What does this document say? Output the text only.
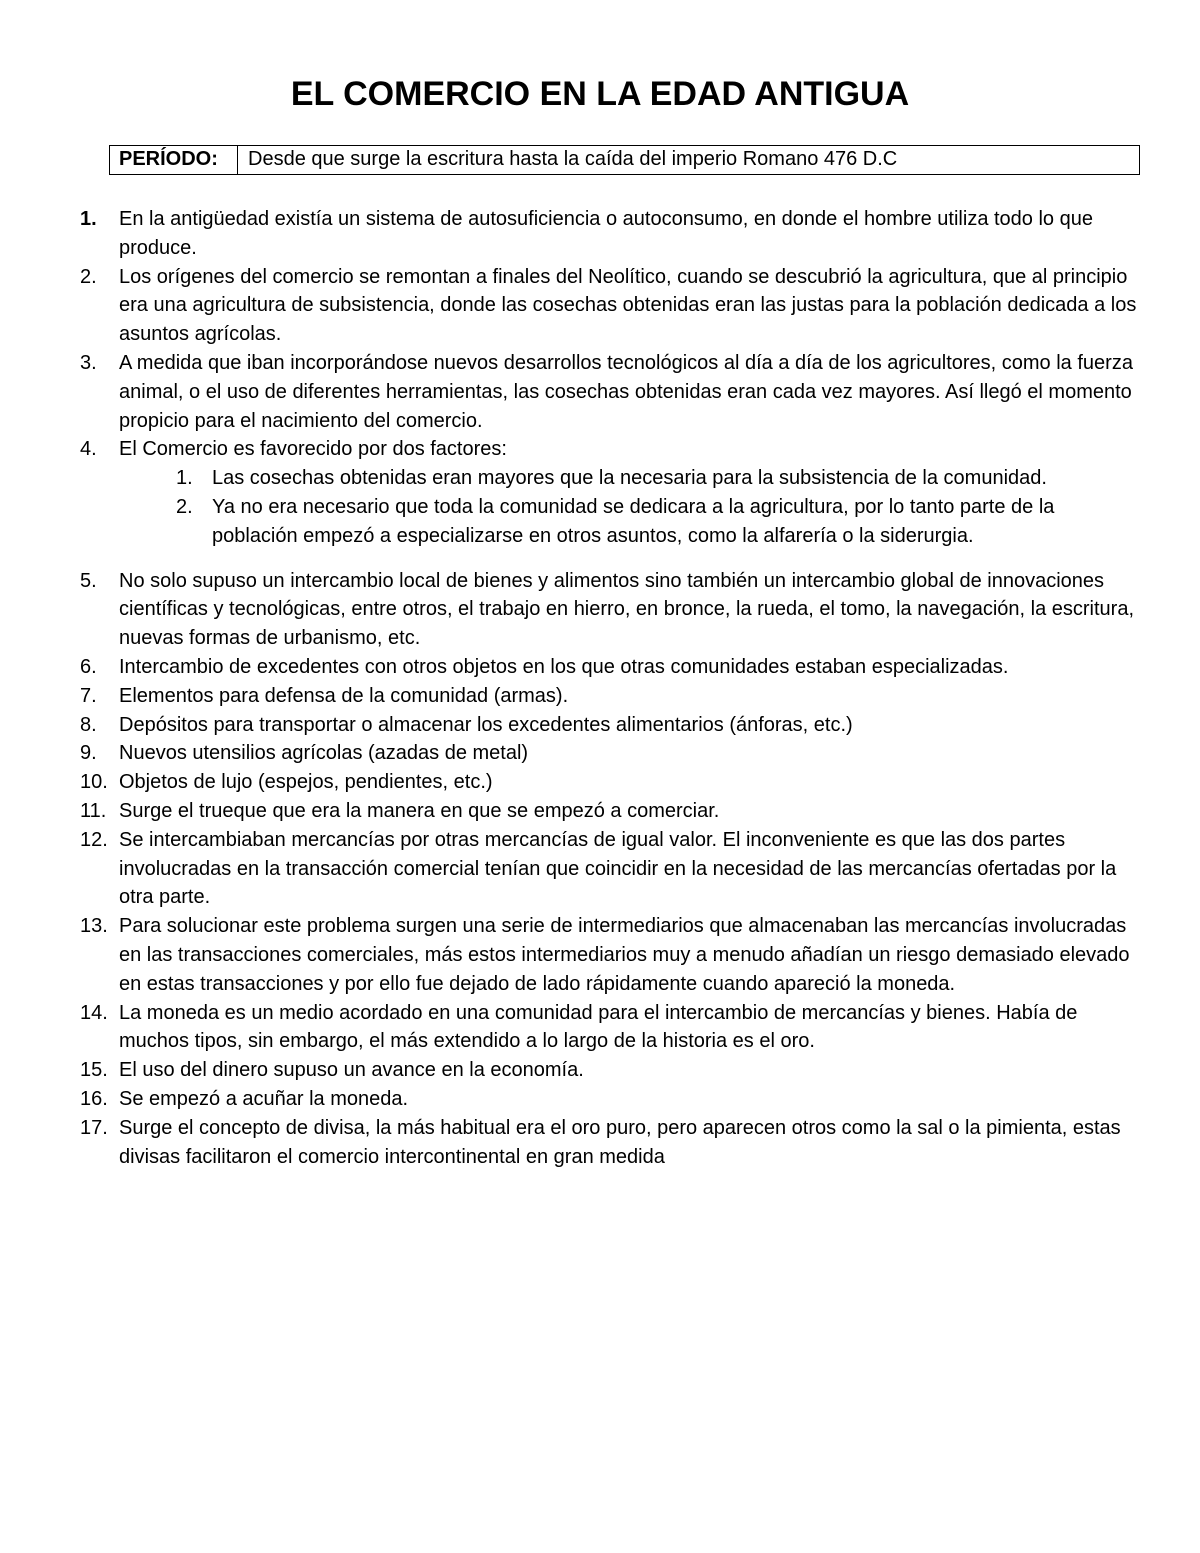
EL COMERCIO EN LA EDAD ANTIGUA
PERÍODO:	Desde que surge la escritura hasta la caída del imperio Romano 476 D.C
1. En la antigüedad existía un sistema de autosuficiencia o autoconsumo, en donde el hombre utiliza todo lo que produce.
2. Los orígenes del comercio se remontan a finales del Neolítico, cuando se descubrió la agricultura, que al principio era una agricultura de subsistencia, donde las cosechas obtenidas eran las justas para la población dedicada a los asuntos agrícolas.
3. A medida que iban incorporándose nuevos desarrollos tecnológicos al día a día de los agricultores, como la fuerza animal, o el uso de diferentes herramientas, las cosechas obtenidas eran cada vez mayores. Así llegó el momento propicio para el nacimiento del comercio.
4. El Comercio es favorecido por dos factores:
1. Las cosechas obtenidas eran mayores que la necesaria para la subsistencia de la comunidad.
2. Ya no era necesario que toda la comunidad se dedicara a la agricultura, por lo tanto parte de la población empezó a especializarse en otros asuntos, como la alfarería o la siderurgia.
5. No solo supuso un intercambio local de bienes y alimentos sino también un intercambio global de innovaciones científicas y tecnológicas, entre otros, el trabajo en hierro, en bronce, la rueda, el tomo, la navegación, la escritura, nuevas formas de urbanismo, etc.
6. Intercambio de excedentes con otros objetos en los que otras comunidades estaban especializadas.
7. Elementos para defensa de la comunidad (armas).
8. Depósitos para transportar o almacenar los excedentes alimentarios (ánforas, etc.)
9. Nuevos utensilios agrícolas (azadas de metal)
10. Objetos de lujo (espejos, pendientes, etc.)
11. Surge el trueque que era la manera en que se empezó a comerciar.
12. Se intercambiaban mercancías por otras mercancías de igual valor. El inconveniente es que las dos partes involucradas en la transacción comercial tenían que coincidir en la necesidad de las mercancías ofertadas por la otra parte.
13. Para solucionar este problema surgen una serie de intermediarios que almacenaban las mercancías involucradas en las transacciones comerciales, más estos intermediarios muy a menudo añadían un riesgo demasiado elevado en estas transacciones y por ello fue dejado de lado rápidamente cuando apareció la moneda.
14. La moneda es un medio acordado en una comunidad para el intercambio de mercancías y bienes. Había de muchos tipos, sin embargo, el más extendido a lo largo de la historia es el oro.
15. El uso del dinero supuso un avance en la economía.
16. Se empezó a acuñar la moneda.
17. Surge el concepto de divisa, la más habitual era el oro puro, pero aparecen otros como la sal o la pimienta, estas divisas facilitaron el comercio intercontinental en gran medida
